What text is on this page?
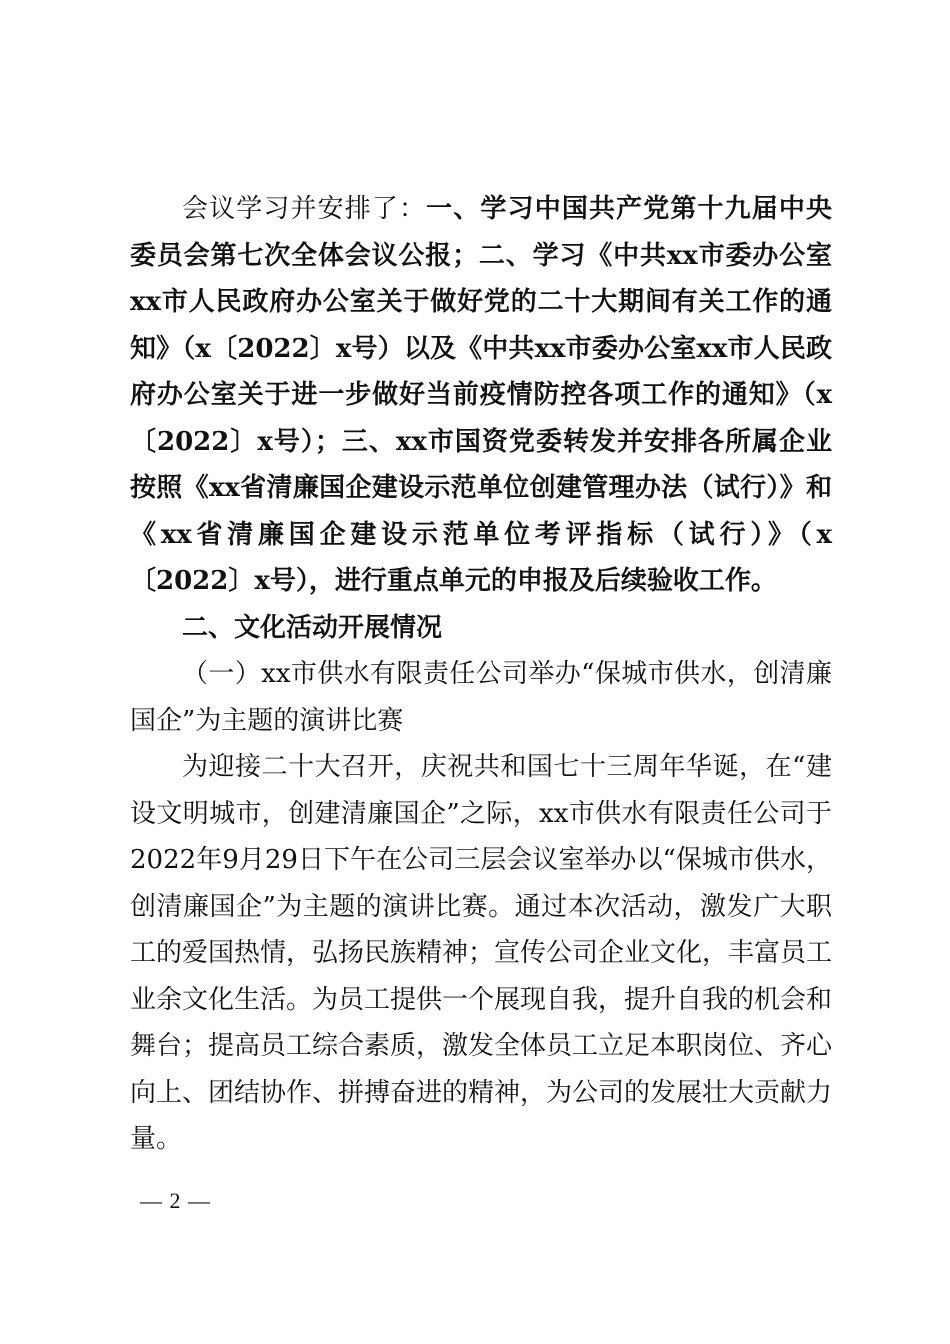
会议学习并安排了：一、学习中国共产党第十九届中央委员会第七次全体会议公报；二、学习《中共xx市委办公室xx市人民政府办公室关于做好党的二十大期间有关工作的通知》（x〔2022〕x号）以及《中共xx市委办公室xx市人民政府办公室关于进一步做好当前疫情防控各项工作的通知》（x〔2022〕x号）；三、xx市国资党委转发并安排各所属企业按照《xx省清廉国企建设示范单位创建管理办法（试行）》和《xx省清廉国企建设示范单位考评指标（试行）》（x〔2022〕x号），进行重点单元的申报及后续验收工作。

二、文化活动开展情况

（一）xx市供水有限责任公司举办“保城市供水，创清廉国企”为主题的演讲比赛

为迎接二十大召开，庆祝共和国七十三周年华诞，在“建设文明城市，创建清廉国企”之际，xx市供水有限责任公司于2022年9月29日下午在公司三层会议室举办以“保城市供水，创清廉国企”为主题的演讲比赛。通过本次活动，激发广大职工的爱国热情，弘扬民族精神；宣传公司企业文化，丰富员工业余文化生活。为员工提供一个展现自我，提升自我的机会和舞台；提高员工综合素质，激发全体员工立足本职岗位、齐心向上、团结协作、拼搏奋进的精神，为公司的发展壮大贡献力量。

— 2 —
